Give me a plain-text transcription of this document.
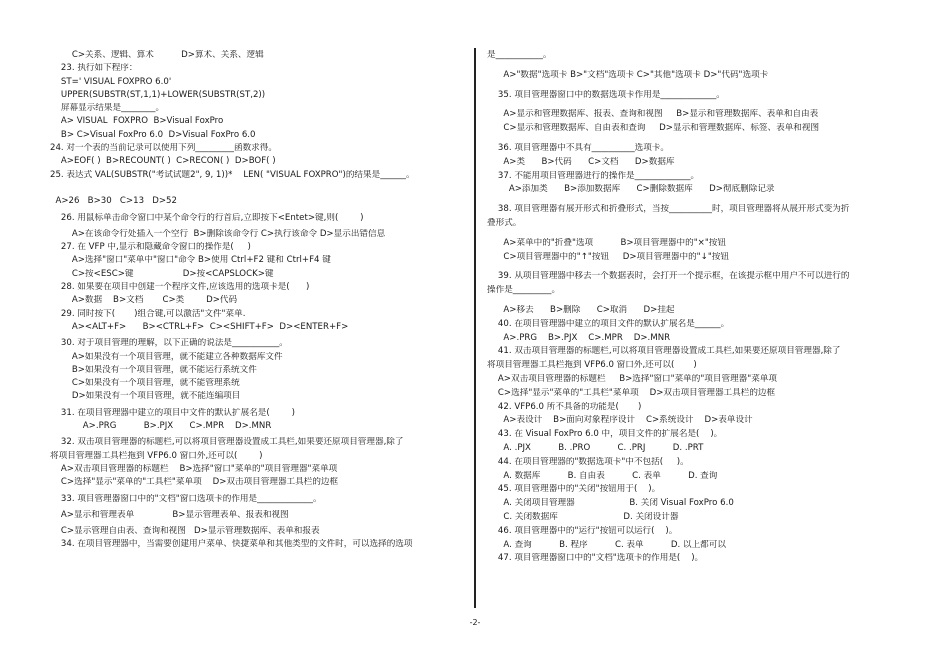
C>关系、逻辑、算术          D>算术、关系、逻辑
23. 执行如下程序：
ST=' VISUAL FOXPRO 6.0'
UPPER(SUBSTR(ST,1,1)+LOWER(SUBSTR(ST,2))
屏幕显示结果是________。
A> VISUAL  FOXPRO  B>Visual FoxPro
B> C>Visual FoxPro 6.0  D>Visual FoxPro 6.0
24. 对一个表的当前记录可以使用下列_________函数求得。
A>EOF( )  B>RECOUNT( )  C>RECON( )  D>BOF( )
25. 表达式 VAL(SUBSTR("考试试题2", 9, 1))*    LEN( "VISUAL FOXPRO")的结果是______。
A>26   B>30   C>13   D>52
26. 用鼠标单击命令窗口中某个命令行的行首后,立即按下<Entet>键,则(        )
A>在该命令行处插入一个空行  B>删除该命令行 C>执行该命令 D>显示出错信息
27. 在 VFP 中,显示和隐藏命令窗口的操作是(     )
A>选择"窗口"菜单中"窗口"命令 B>使用 Ctrl+F2 键和 Ctrl+F4 键
C>按<ESC>键                  D>按<CAPSLOCK>键
28. 如果要在项目中创建一个程序文件,应该选用的选项卡是(      )
A>数据    B>文档       C>类        D>代码
29. 同时按下(       )组合键,可以激活"文件"菜单.
A><ALT+F>      B><CTRL+F>  C><SHIFT+F>  D><ENTER+F>
30. 对于项目管理的理解，以下正确的说法是___________。
A>如果没有一个项目管理，就不能建立各种数据库文件
B>如果没有一个项目管理，就不能运行系统文件
C>如果没有一个项目管理，就不能管理系统
D>如果没有一个项目管理，就不能连编项目
31. 在项目管理器中建立的项目中文件的默认扩展名是(        )
A>.PRG          B>.PJX      C>.MPR    D>.MNR
32. 双击项目管理器的标题栏,可以将项目管理器设置成工具栏,如果要还原项目管理器,除了
将项目管理器工具栏拖到 VFP6.0 窗口外,还可以(        )
A>双击项目管理器的标题栏    B>选择"窗口"菜单的"项目管理器"菜单项
C>选择"显示"菜单的"工具栏"菜单项    D>双击项目管理器工具栏的边框
33. 项目管理器窗口中的"文档"窗口选项卡的作用是_____________。
A>显示和管理表单              B>显示管理表单、报表和视图
C>显示管理自由表、查询和视图   D>显示管理数据库、表单和报表
34. 在项目管理器中，当需要创建用户菜单、快捷菜单和其他类型的文件时，可以选择的选项
是___________。
A>"数据"选项卡 B>"文档"选项卡 C>"其他"选项卡 D>"代码"选项卡
35. 项目管理器窗口中的数据选项卡作用是_____________。
A>显示和管理数据库、报表、查询和视图     B>显示和管理数据库、表单和自由表
C>显示和管理数据库、自由表和查询     D>显示和管理数据库、标签、表单和视图
36. 项目管理器中不具有__________选项卡。
A>类      B>代码      C>文档      D>数据库
37. 不能用项目管理器进行的操作是_____________。
A>添加类      B>添加数据库      C>删除数据库      D>彻底删除记录
38. 项目管理器有展开形式和折叠形式，当按__________时，项目管理器将从展开形式变为折
叠形式。
A>菜单中的"折叠"选项          B>项目管理器中的"×"按钮
C>项目管理器中的"↑"按钮     D>项目管理器中的"↓"按钮
39. 从项目管理器中移去一个数据表时，会打开一个提示框，在该提示框中用户不可以进行的
操作是_________。
A>移去      B>删除      C>取消      D>挂起
40. 在项目管理器中建立的项目文件的默认扩展名是______。
A>.PRG    B>.PJX    C>.MPR    D>.MNR
41. 双击项目管理器的标题栏,可以将项目管理器设置成工具栏,如果要还原项目管理器,除了
将项目管理器工具栏拖到 VFP6.0 窗口外,还可以(       )
A>双击项目管理器的标题栏     B>选择"窗口"菜单的"项目管理器"菜单项
C>选择"显示"菜单的"工具栏"菜单项    D>双击项目管理器工具栏的边框
42. VFP6.0 所不具备的功能是(       )
A>表设计    B>面向对象程序设计    C>系统设计    D>表单设计
43. 在 Visual FoxPro 6.0 中，项目文件的扩展名是(    )。
A. .PJX          B. .PRO          C. .PRJ          D. .PRT
44. 在项目管理器的"数据选项卡"中不包括(     )。
A. 数据库          B. 自由表          C. 表单          D. 查询
45. 项目管理器中的"关闭"按钮用于(    )。
A. 关闭项目管理器                    B. 关闭 Visual FoxPro 6.0
C. 关闭数据库                        D. 关闭设计器
46. 项目管理器中的"运行"按钮可以运行(    )。
A. 查询          B. 程序          C. 表单          D. 以上都可以
47. 项目管理器窗口中的"文档"选项卡的作用是(    )。
-2-
